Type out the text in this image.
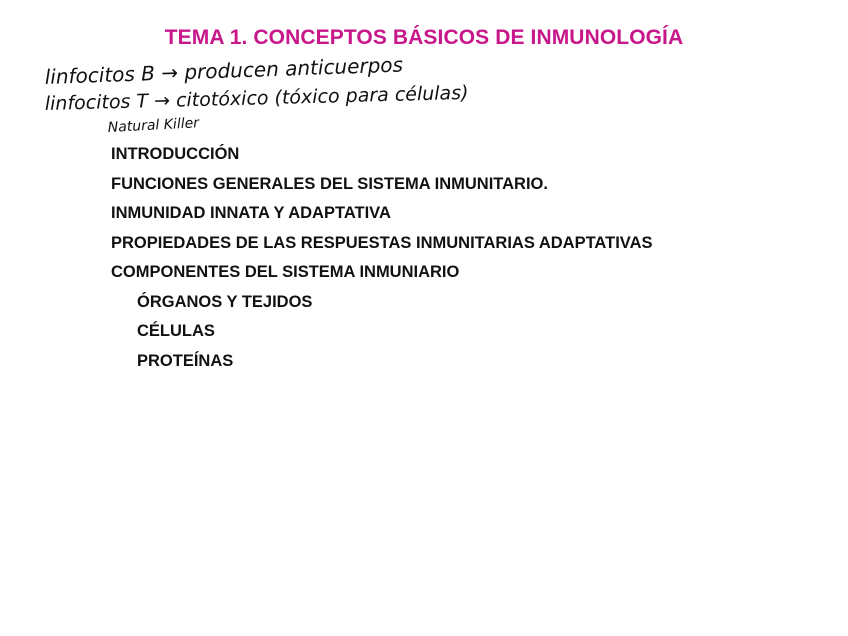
TEMA 1. CONCEPTOS BÁSICOS DE INMUNOLOGÍA
linfocitos B → producen anticuerpos
linfocitos T → citotóxico (tóxico para células)
Natural Killer
INTRODUCCIÓN
FUNCIONES GENERALES DEL SISTEMA INMUNITARIO.
INMUNIDAD INNATA Y ADAPTATIVA
PROPIEDADES DE LAS RESPUESTAS INMUNITARIAS ADAPTATIVAS
COMPONENTES DEL SISTEMA INMUNIARIO
ÓRGANOS Y TEJIDOS
CÉLULAS
PROTEÍNAS
